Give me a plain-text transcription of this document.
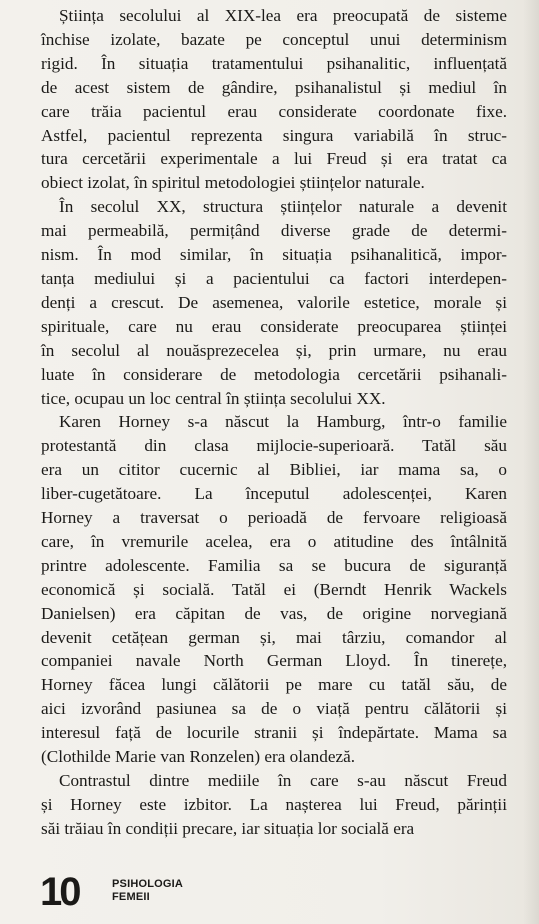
Știința secolului al XIX-lea era preocupată de sisteme
închise izolate, bazate pe conceptul unui determinism
rigid. În situația tratamentului psihanalitic, influențată
de acest sistem de gândire, psihanalistul și mediul în
care trăia pacientul erau considerate coordonate fixe.
Astfel, pacientul reprezenta singura variabilă în struc-
tura cercetării experimentale a lui Freud și era tratat ca
obiect izolat, în spiritul metodologiei științelor naturale.
În secolul XX, structura științelor naturale a devenit
mai permeabilă, permițând diverse grade de determi-
nism. În mod similar, în situația psihanalitică, impor-
tanța mediului și a pacientului ca factori interdepen-
denți a crescut. De asemenea, valorile estetice, morale și
spirituale, care nu erau considerate preocuparea științei
în secolul al nouăsprezecelea și, prin urmare, nu erau
luate în considerare de metodologia cercetării psihanali-
tice, ocupau un loc central în știința secolului XX.
Karen Horney s-a născut la Hamburg, într-o familie
protestantă din clasa mijlocie-superioară. Tatăl său
era un cititor cucernic al Bibliei, iar mama sa, o
liber-cugetătoare. La începutul adolescenței, Karen
Horney a traversat o perioadă de fervoare religioasă
care, în vremurile acelea, era o atitudine des întâlnită
printre adolescente. Familia sa se bucura de siguranță
economică și socială. Tatăl ei (Berndt Henrik Wackels
Danielsen) era căpitan de vas, de origine norvegiană
devenit cetățean german și, mai târziu, comandor al
companiei navale North German Lloyd. În tinerețe,
Horney făcea lungi călătorii pe mare cu tatăl său, de
aici izvorând pasiunea sa de o viață pentru călătorii și
interesul față de locurile stranii și îndepărtate. Mama sa
(Clothilde Marie van Ronzelen) era olandeză.
Contrastul dintre mediile în care s-au născut Freud
și Horney este izbitor. La nașterea lui Freud, părinții
săi trăiau în condiții precare, iar situația lor socială era
10	PSIHOLOGIA
FEMEII
